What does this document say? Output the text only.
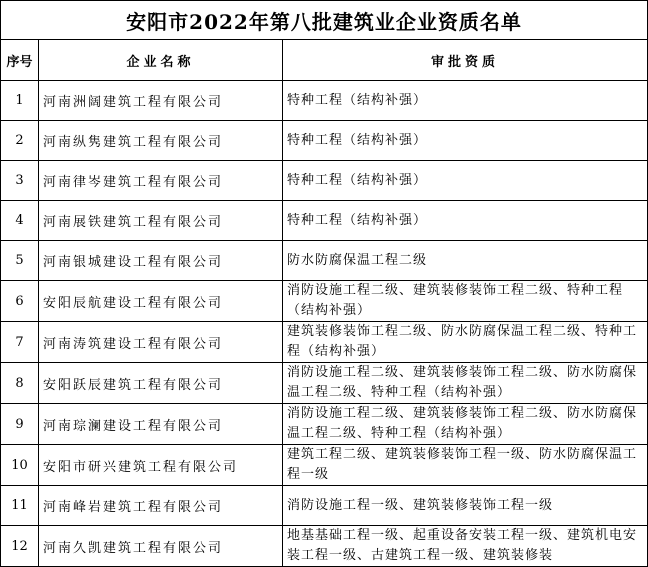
安阳市2022年第八批建筑业企业资质名单
序号	企业名称	审批资质
1	河南洲阔建筑工程有限公司	特种工程（结构补强）
2	河南纵隽建筑工程有限公司	特种工程（结构补强）
3	河南律岑建筑工程有限公司	特种工程（结构补强）
4	河南展铁建筑工程有限公司	特种工程（结构补强）
5	河南银城建设工程有限公司	防水防腐保温工程二级
6	安阳辰航建设工程有限公司	消防设施工程二级、建筑装修装饰工程二级、特种工程（结构补强）
7	河南涛筑建设工程有限公司	建筑装修装饰工程二级、防水防腐保温工程二级、特种工程（结构补强）
8	安阳跃辰建筑工程有限公司	消防设施工程二级、建筑装修装饰工程二级、防水防腐保温工程二级、特种工程（结构补强）
9	河南琮澜建设工程有限公司	消防设施工程二级、建筑装修装饰工程二级、防水防腐保温工程二级、特种工程（结构补强）
10	安阳市研兴建筑工程有限公司	建筑工程二级、建筑装修装饰工程一级、防水防腐保温工程一级
11	河南峰岩建筑工程有限公司	消防设施工程一级、建筑装修装饰工程一级
12	河南久凯建筑工程有限公司	地基基础工程一级、起重设备安装工程一级、建筑机电安装工程一级、古建筑工程一级、建筑装修装
